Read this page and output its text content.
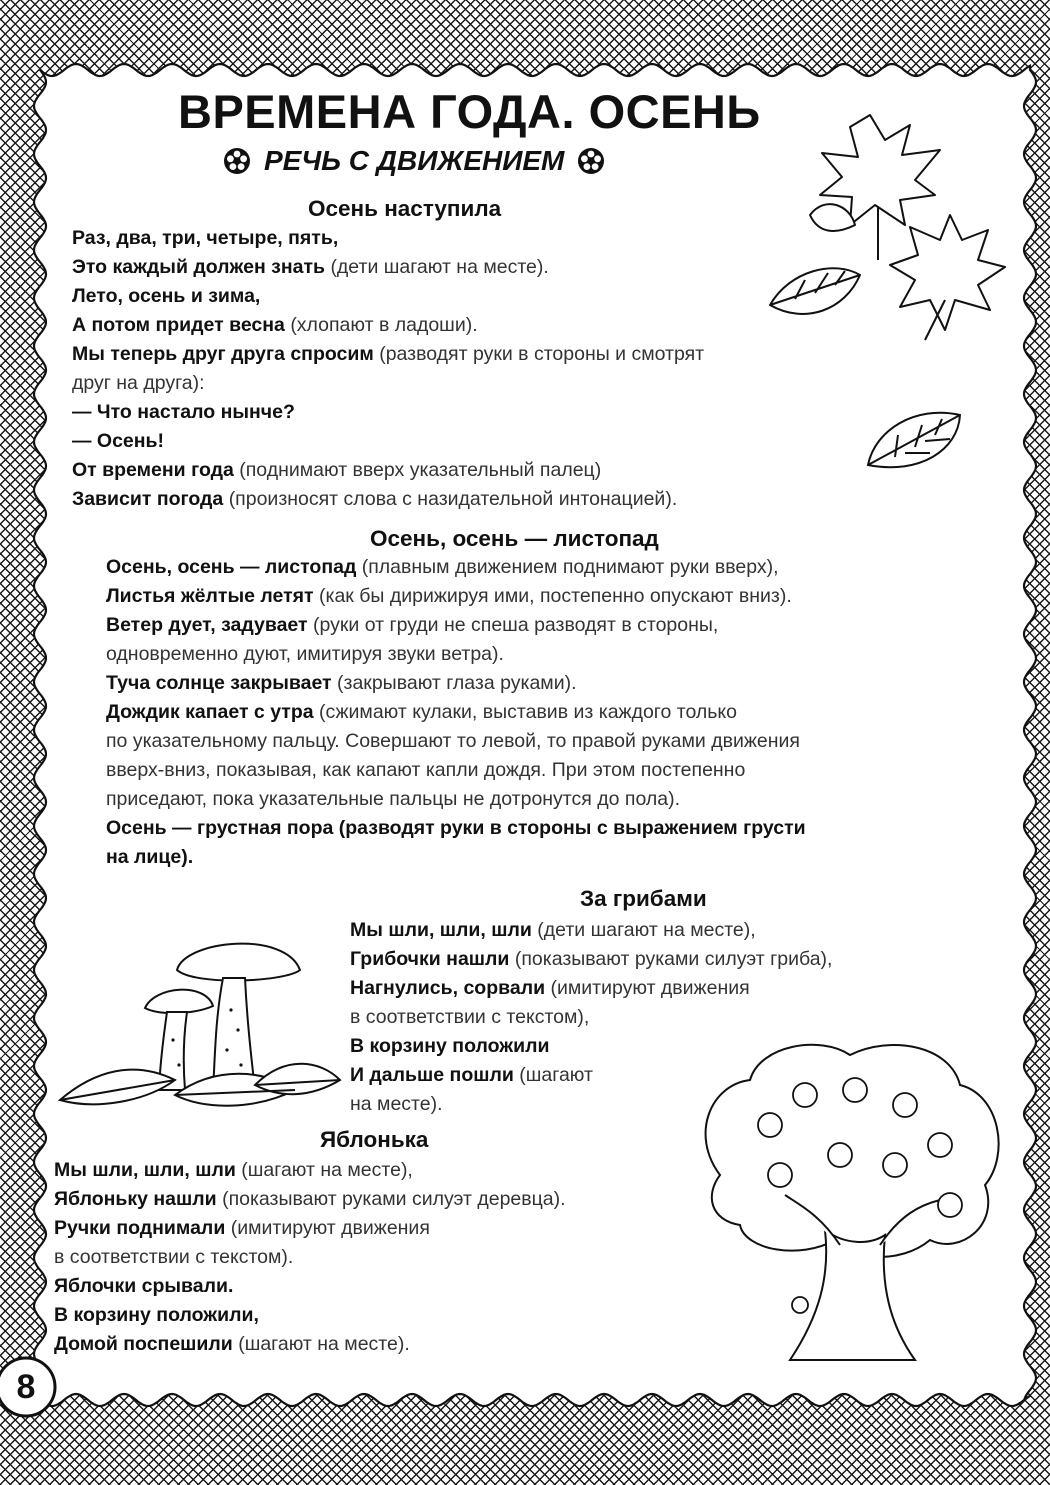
ВРЕМЕНА ГОДА. ОСЕНЬ
РЕЧЬ С ДВИЖЕНИЕМ
Осень наступила
Раз, два, три, четыре, пять,
Это каждый должен знать (дети шагают на месте).
Лето, осень и зима,
А потом придет весна (хлопают в ладоши).
Мы теперь друг друга спросим (разводят руки в стороны и смотрят
друг на друга):
— Что настало нынче?
— Осень!
От времени года (поднимают вверх указательный палец)
Зависит погода (произносят слова с назидательной интонацией).
Осень, осень — листопад
Осень, осень — листопад (плавным движением поднимают руки вверх),
Листья жёлтые летят (как бы дирижируя ими, постепенно опускают вниз).
Ветер дует, задувает (руки от груди не спеша разводят в стороны,
одновременно дуют, имитируя звуки ветра).
Туча солнце закрывает (закрывают глаза руками).
Дождик капает с утра (сжимают кулаки, выставив из каждого только
по указательному пальцу. Совершают то левой, то правой руками движения
вверх-вниз, показывая, как капают капли дождя. При этом постепенно
приседают, пока указательные пальцы не дотронутся до пола).
Осень — грустная пора (разводят руки в стороны с выражением грусти
на лице).
За грибами
Мы шли, шли, шли (дети шагают на месте),
Грибочки нашли (показывают руками силуэт гриба),
Нагнулись, сорвали (имитируют движения
в соответствии с текстом),
В корзину положили
И дальше пошли (шагают
на месте).
Яблонька
Мы шли, шли, шли (шагают на месте),
Яблоньку нашли (показывают руками силуэт деревца).
Ручки поднимали (имитируют движения
в соответствии с текстом).
Яблочки срывали.
В корзину положили,
Домой поспешили (шагают на месте).
8
